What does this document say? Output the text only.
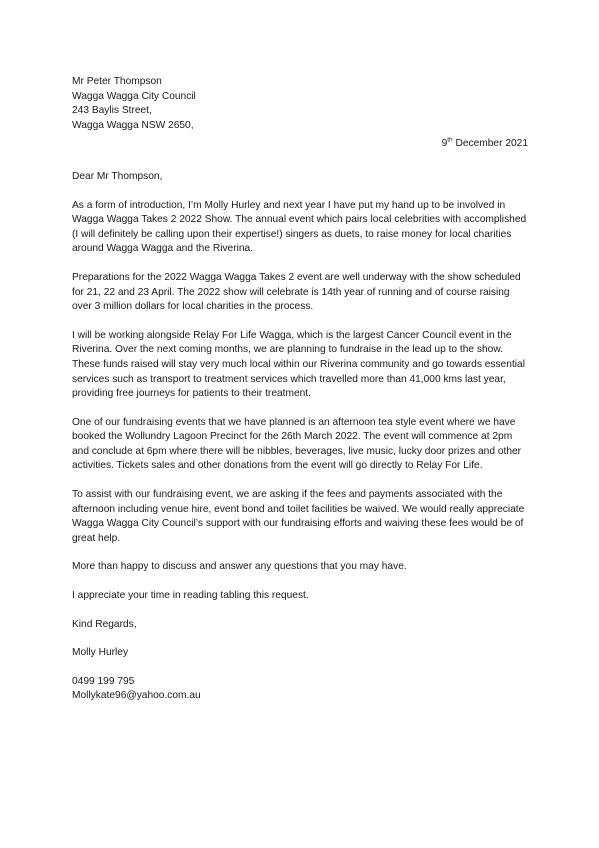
Mr Peter Thompson
Wagga Wagga City Council
243 Baylis Street,
Wagga Wagga NSW 2650,
9th December 2021

Dear Mr Thompson,

As a form of introduction, I’m Molly Hurley and next year I have put my hand up to be involved in Wagga Wagga Takes 2 2022 Show. The annual event which pairs local celebrities with accomplished (I will definitely be calling upon their expertise!) singers as duets, to raise money for local charities around Wagga Wagga and the Riverina.

Preparations for the 2022 Wagga Wagga Takes 2 event are well underway with the show scheduled for 21, 22 and 23 April. The 2022 show will celebrate is 14th year of running and of course raising over 3 million dollars for local charities in the process.

I will be working alongside Relay For Life Wagga, which is the largest Cancer Council event in the Riverina. Over the next coming months, we are planning to fundraise in the lead up to the show. These funds raised will stay very much local within our Riverina community and go towards essential services such as transport to treatment services which travelled more than 41,000 kms last year, providing free journeys for patients to their treatment.

One of our fundraising events that we have planned is an afternoon tea style event where we have booked the Wollundry Lagoon Precinct for the 26th March 2022. The event will commence at 2pm and conclude at 6pm where there will be nibbles, beverages, live music, lucky door prizes and other activities. Tickets sales and other donations from the event will go directly to Relay For Life.

To assist with our fundraising event, we are asking if the fees and payments associated with the afternoon including venue hire, event bond and toilet facilities be waived. We would really appreciate Wagga Wagga City Council’s support with our fundraising efforts and waiving these fees would be of great help.

More than happy to discuss and answer any questions that you may have.

I appreciate your time in reading tabling this request.

Kind Regards,

Molly Hurley

0499 199 795
Mollykate96@yahoo.com.au
